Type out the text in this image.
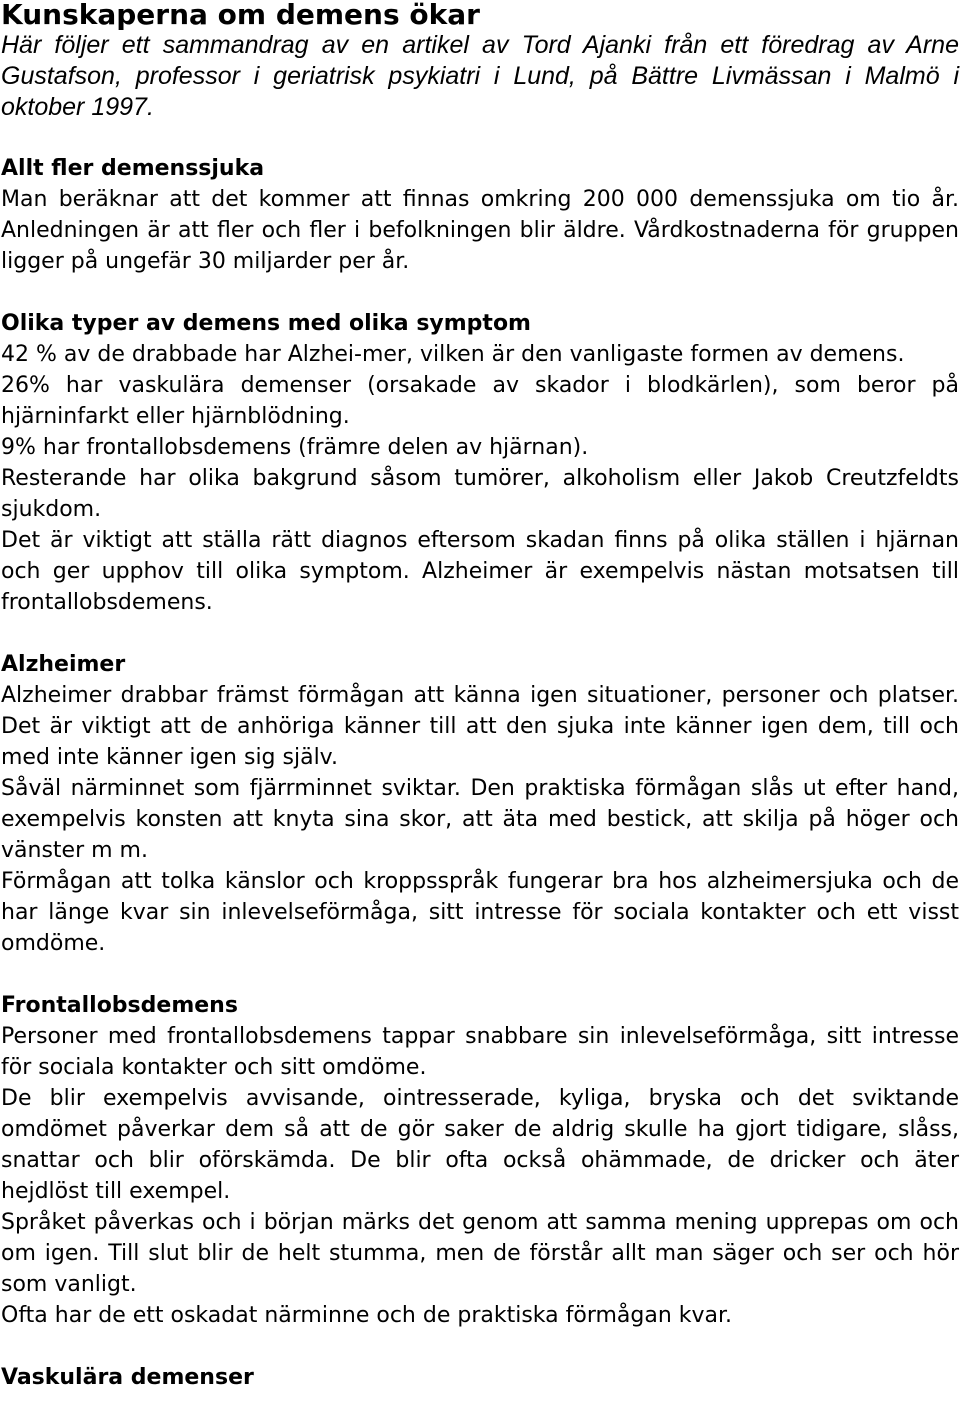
Kunskaperna om demens ökar

Här följer ett sammandrag av en artikel av Tord Ajanki från ett föredrag av Arne Gustafson, professor i geriatrisk psykiatri i Lund, på Bättre Livmässan i Malmö i oktober 1997.

Allt fler demenssjuka

Man beräknar att det kommer att finnas omkring 200 000 demenssjuka om tio år. Anledningen är att fler och fler i befolkningen blir äldre. Vårdkostnaderna för gruppen ligger på ungefär 30 miljarder per år.

Olika typer av demens med olika symptom

42 % av de drabbade har Alzhei-mer, vilken är den vanligaste formen av demens.

26% har vaskulära demenser (orsakade av skador i blodkärlen), som beror på hjärninfarkt eller hjärnblödning.

9% har frontallobsdemens (främre delen av hjärnan).

Resterande har olika bakgrund såsom tumörer, alkoholism eller Jakob Creutzfeldts sjukdom.

Det är viktigt att ställa rätt diagnos eftersom skadan finns på olika ställen i hjärnan och ger upphov till olika symptom. Alzheimer är exempelvis nästan motsatsen till frontallobsdemens.

Alzheimer

Alzheimer drabbar främst förmågan att känna igen situationer, personer och platser. Det är viktigt att de anhöriga känner till att den sjuka inte känner igen dem, till och med inte känner igen sig själv.

Såväl närminnet som fjärrminnet sviktar. Den praktiska förmågan slås ut efter hand, exempelvis konsten att knyta sina skor, att äta med bestick, att skilja på höger och vänster m m.

Förmågan att tolka känslor och kroppsspråk fungerar bra hos alzheimersjuka och de har länge kvar sin inlevelseförmåga, sitt intresse för sociala kontakter och ett visst omdöme.

Frontallobsdemens

Personer med frontallobsdemens tappar snabbare sin inlevelseförmåga, sitt intresse för sociala kontakter och sitt omdöme.

De blir exempelvis avvisande, ointresserade, kyliga, bryska och det sviktande omdömet påverkar dem så att de gör saker de aldrig skulle ha gjort tidigare, slåss, snattar och blir oförskämda. De blir ofta också ohämmade, de dricker och äter hejdlöst till exempel.

Språket påverkas och i början märks det genom att samma mening upprepas om och om igen. Till slut blir de helt stumma, men de förstår allt man säger och ser och hör som vanligt.

Ofta har de ett oskadat närminne och de praktiska förmågan kvar.

Vaskulära demenser
